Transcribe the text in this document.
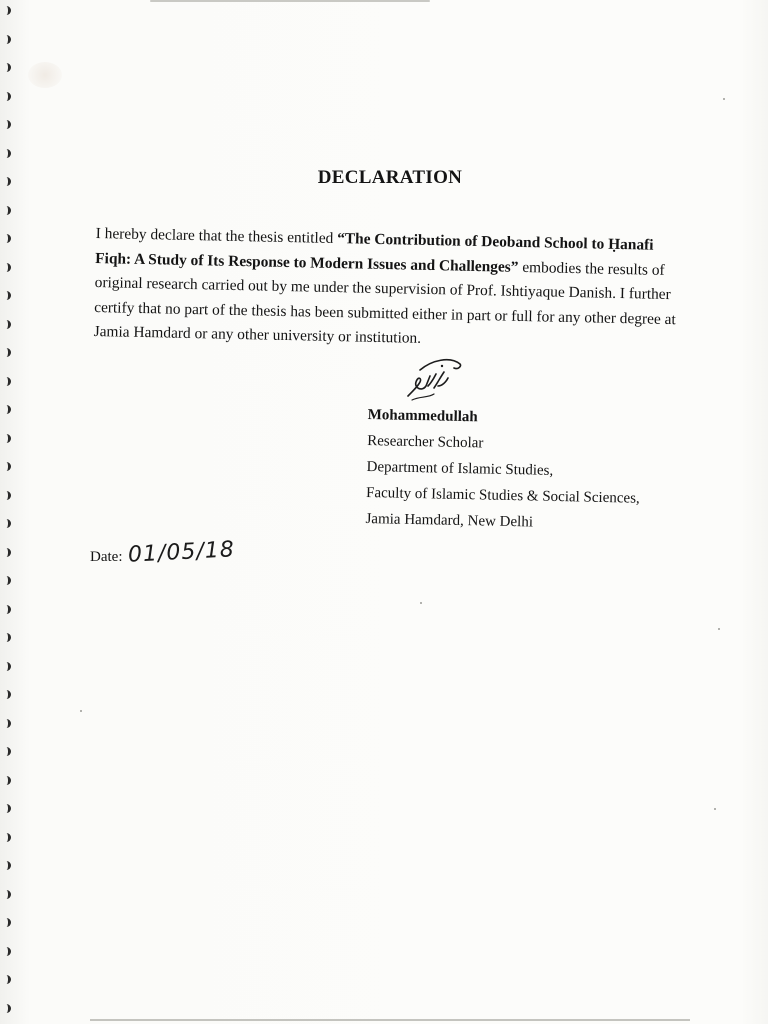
DECLARATION

I hereby declare that the thesis entitled “The Contribution of Deoband School to Ḥanafi Fiqh: A Study of Its Response to Modern Issues and Challenges” embodies the results of original research carried out by me under the supervision of Prof. Ishtiyaque Danish. I further certify that no part of the thesis has been submitted either in part or full for any other degree at Jamia Hamdard or any other university or institution.

Mohammedullah
Researcher Scholar
Department of Islamic Studies,
Faculty of Islamic Studies & Social Sciences,
Jamia Hamdard, New Delhi
Date: 01/05/18
